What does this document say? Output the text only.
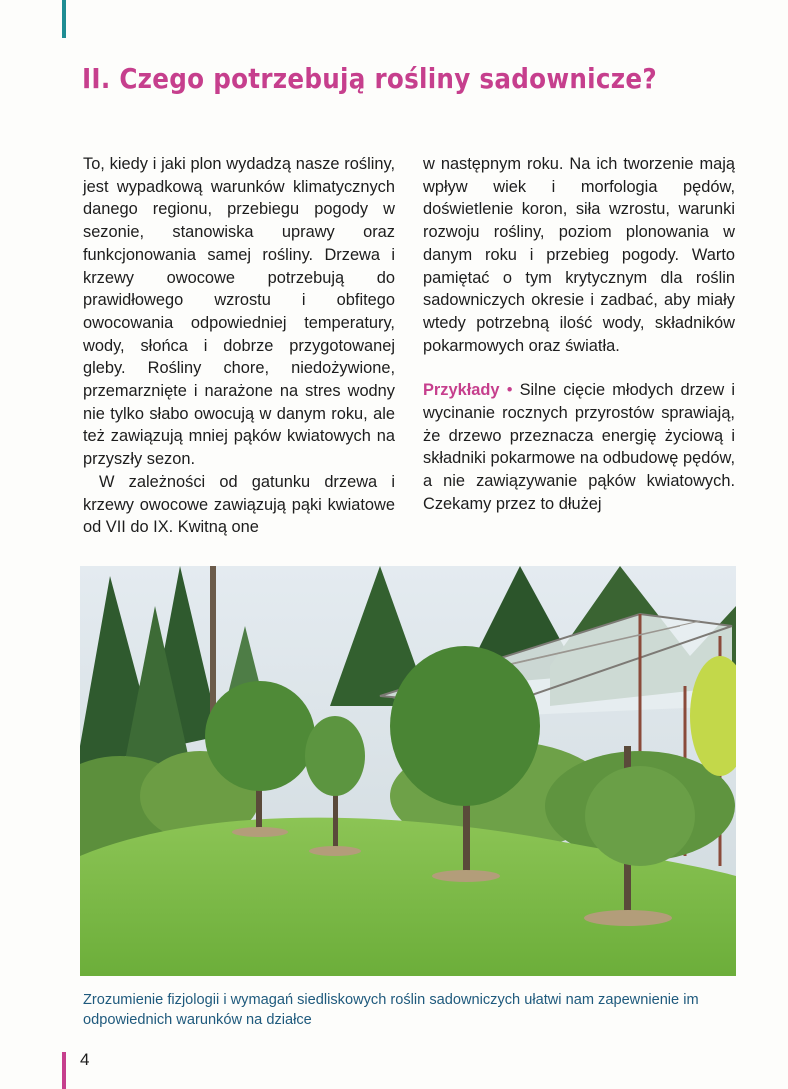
II. Czego potrzebują rośliny sadownicze?

To, kiedy i jaki plon wydadzą nasze rośliny, jest wypadkową warunków klimatycznych danego regionu, przebiegu pogody w sezonie, stanowiska uprawy oraz funkcjonowania samej rośliny. Drzewa i krzewy owocowe potrzebują do prawidłowego wzrostu i obfitego owocowania odpowiedniej temperatury, wody, słońca i dobrze przygotowanej gleby. Rośliny chore, niedożywione, przemarznięte i narażone na stres wodny nie tylko słabo owocują w danym roku, ale też zawiązują mniej pąków kwiatowych na przyszły sezon.

W zależności od gatunku drzewa i krzewy owocowe zawiązują pąki kwiatowe od VII do IX. Kwitną one

w następnym roku. Na ich tworzenie mają wpływ wiek i morfologia pędów, doświetlenie koron, siła wzrostu, warunki rozwoju rośliny, poziom plonowania w danym roku i przebieg pogody. Warto pamiętać o tym krytycznym dla roślin sadowniczych okresie i zadbać, aby miały wtedy potrzebną ilość wody, składników pokarmowych oraz światła.

Przykłady • Silne cięcie młodych drzew i wycinanie rocznych przyrostów sprawiają, że drzewo przeznacza energię życiową i składniki pokarmowe na odbudowę pędów, a nie zawiązywanie pąków kwiatowych. Czekamy przez to dłużej

Zrozumienie fizjologii i wymagań siedliskowych roślin sadowniczych ułatwi nam zapewnienie im odpowiednich warunków na działce

4
